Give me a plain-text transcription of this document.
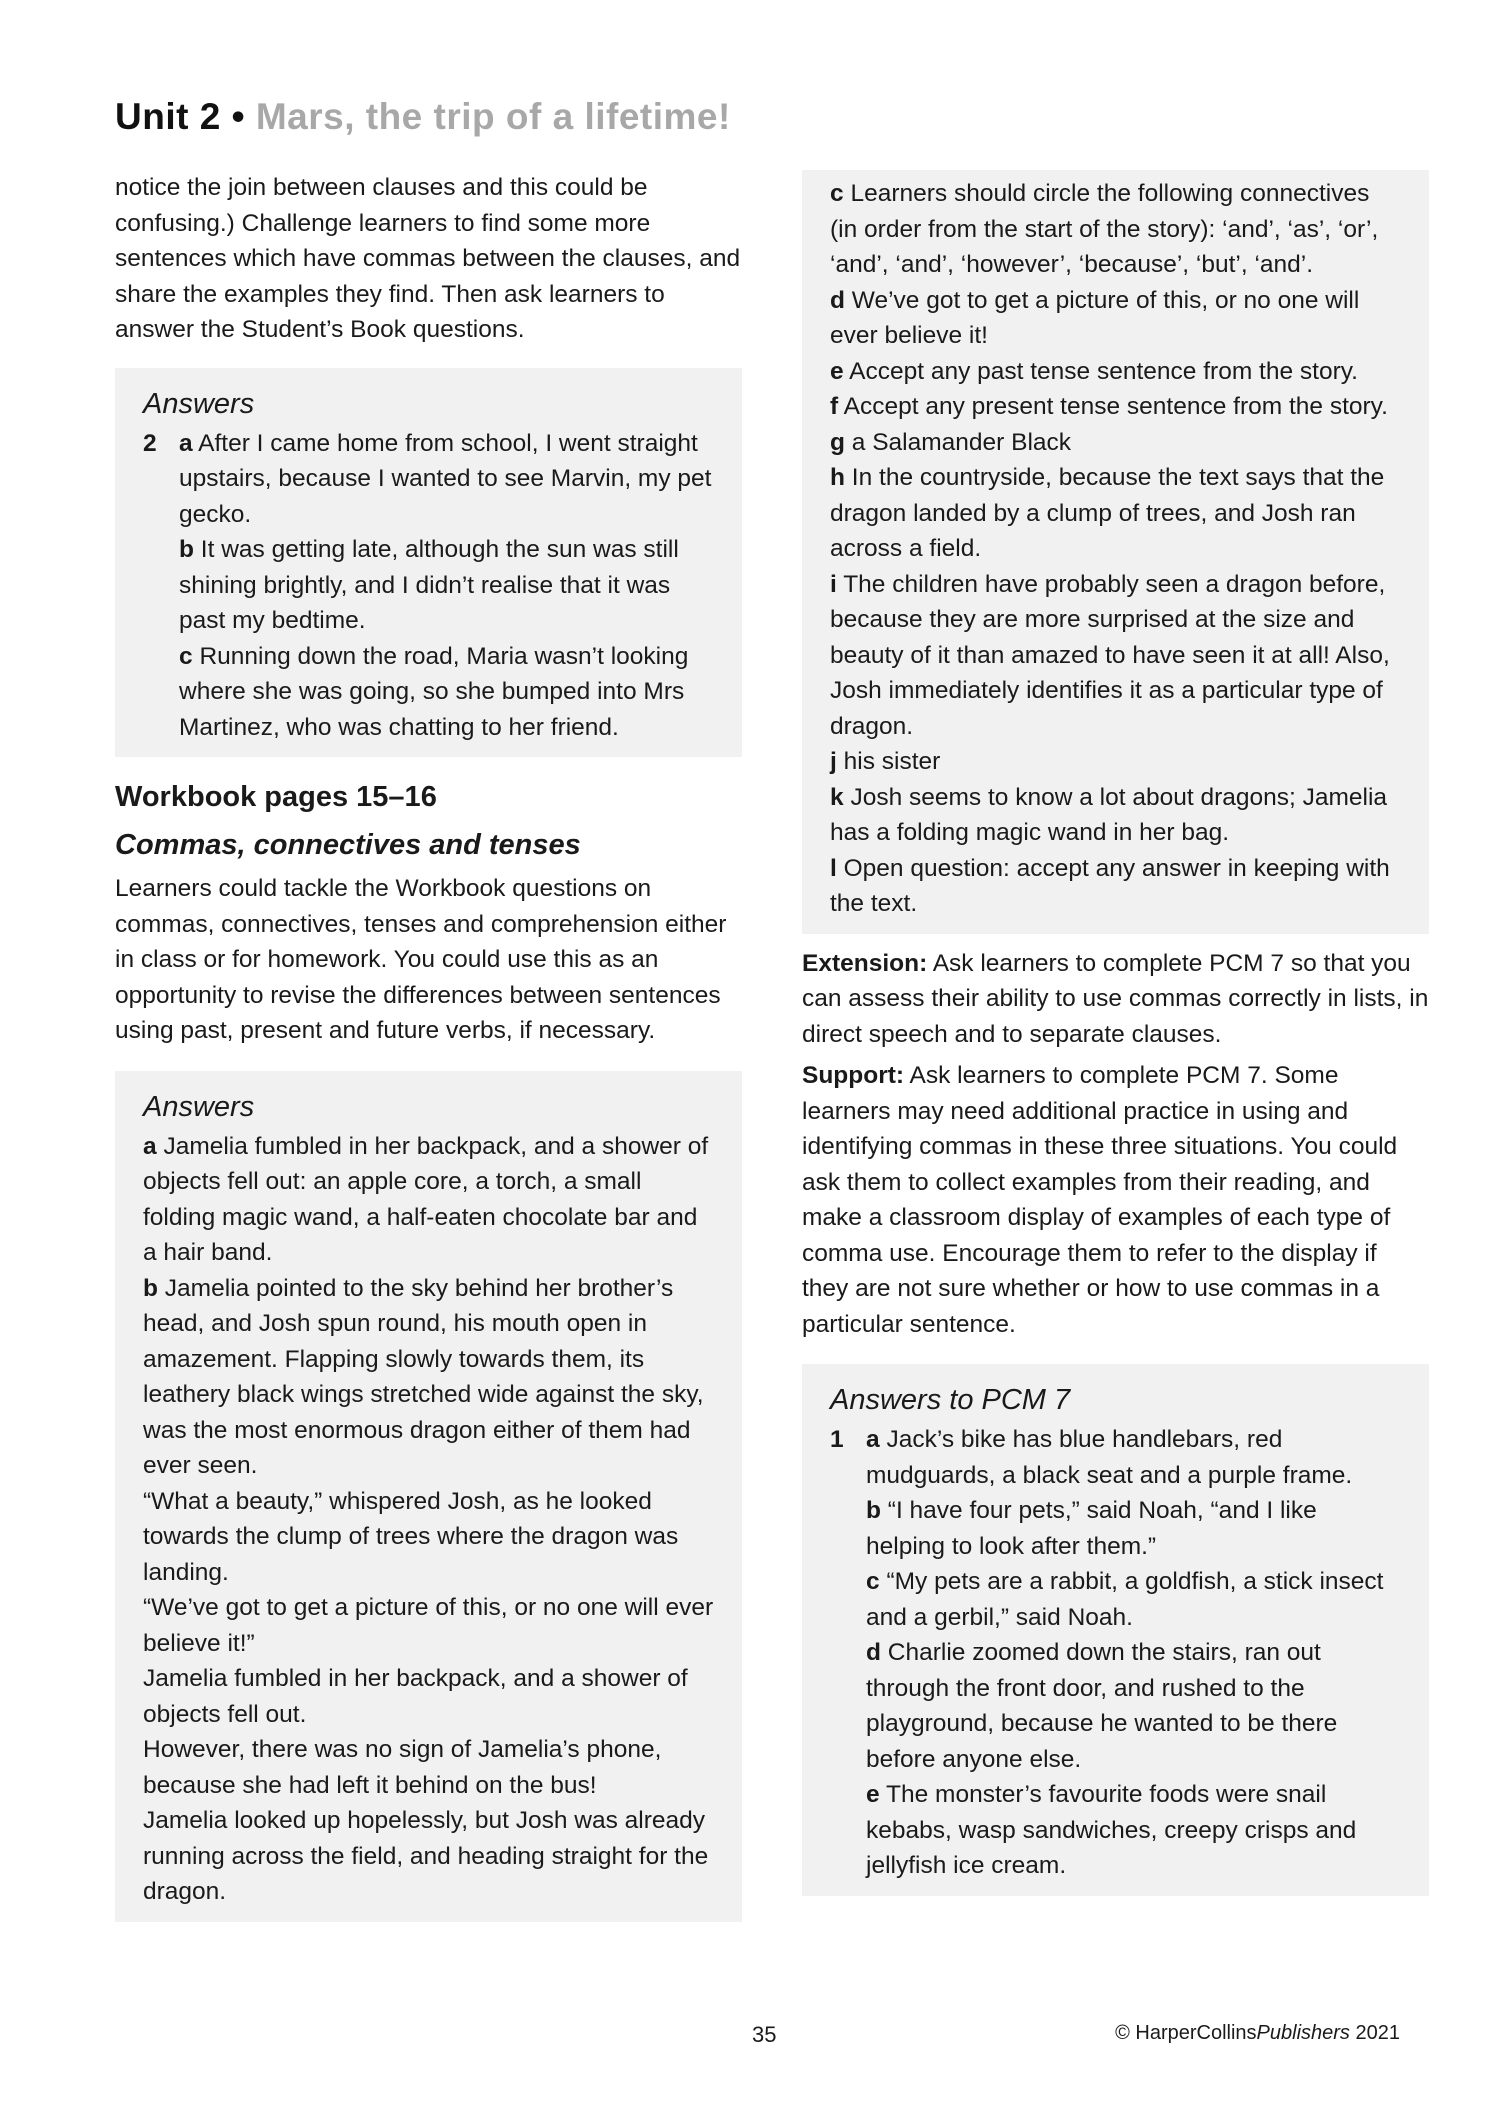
Unit 2 • Mars, the trip of a lifetime!

notice the join between clauses and this could be confusing.) Challenge learners to find some more sentences which have commas between the clauses, and share the examples they find. Then ask learners to answer the Student’s Book questions.

Answers
2 a After I came home from school, I went straight upstairs, because I wanted to see Marvin, my pet gecko.
b It was getting late, although the sun was still shining brightly, and I didn’t realise that it was past my bedtime.
c Running down the road, Maria wasn’t looking where she was going, so she bumped into Mrs Martinez, who was chatting to her friend.
Workbook pages 15–16
Commas, connectives and tenses

Learners could tackle the Workbook questions on commas, connectives, tenses and comprehension either in class or for homework. You could use this as an opportunity to revise the differences between sentences using past, present and future verbs, if necessary.

Answers
a Jamelia fumbled in her backpack, and a shower of objects fell out: an apple core, a torch, a small folding magic wand, a half-eaten chocolate bar and a hair band.
b Jamelia pointed to the sky behind her brother’s head, and Josh spun round, his mouth open in amazement. Flapping slowly towards them, its leathery black wings stretched wide against the sky, was the most enormous dragon either of them had ever seen.
“What a beauty,” whispered Josh, as he looked towards the clump of trees where the dragon was landing.
“We’ve got to get a picture of this, or no one will ever believe it!”
Jamelia fumbled in her backpack, and a shower of objects fell out.
However, there was no sign of Jamelia’s phone, because she had left it behind on the bus!
Jamelia looked up hopelessly, but Josh was already running across the field, and heading straight for the dragon.
c Learners should circle the following connectives (in order from the start of the story): ‘and’, ‘as’, ‘or’, ‘and’, ‘and’, ‘however’, ‘because’, ‘but’, ‘and’.
d We’ve got to get a picture of this, or no one will ever believe it!
e Accept any past tense sentence from the story.
f Accept any present tense sentence from the story.
g a Salamander Black
h In the countryside, because the text says that the dragon landed by a clump of trees, and Josh ran across a field.
i The children have probably seen a dragon before, because they are more surprised at the size and beauty of it than amazed to have seen it at all! Also, Josh immediately identifies it as a particular type of dragon.
j his sister
k Josh seems to know a lot about dragons; Jamelia has a folding magic wand in her bag.
l Open question: accept any answer in keeping with the text.

Extension: Ask learners to complete PCM 7 so that you can assess their ability to use commas correctly in lists, in direct speech and to separate clauses.

Support: Ask learners to complete PCM 7. Some learners may need additional practice in using and identifying commas in these three situations. You could ask them to collect examples from their reading, and make a classroom display of examples of each type of comma use. Encourage them to refer to the display if they are not sure whether or how to use commas in a particular sentence.

Answers to PCM 7
1 a Jack’s bike has blue handlebars, red mudguards, a black seat and a purple frame.
b “I have four pets,” said Noah, “and I like helping to look after them.”
c “My pets are a rabbit, a goldfish, a stick insect and a gerbil,” said Noah.
d Charlie zoomed down the stairs, ran out through the front door, and rushed to the playground, because he wanted to be there before anyone else.
e The monster’s favourite foods were snail kebabs, wasp sandwiches, creepy crisps and jellyfish ice cream.
35	© HarperCollinsPublishers 2021
